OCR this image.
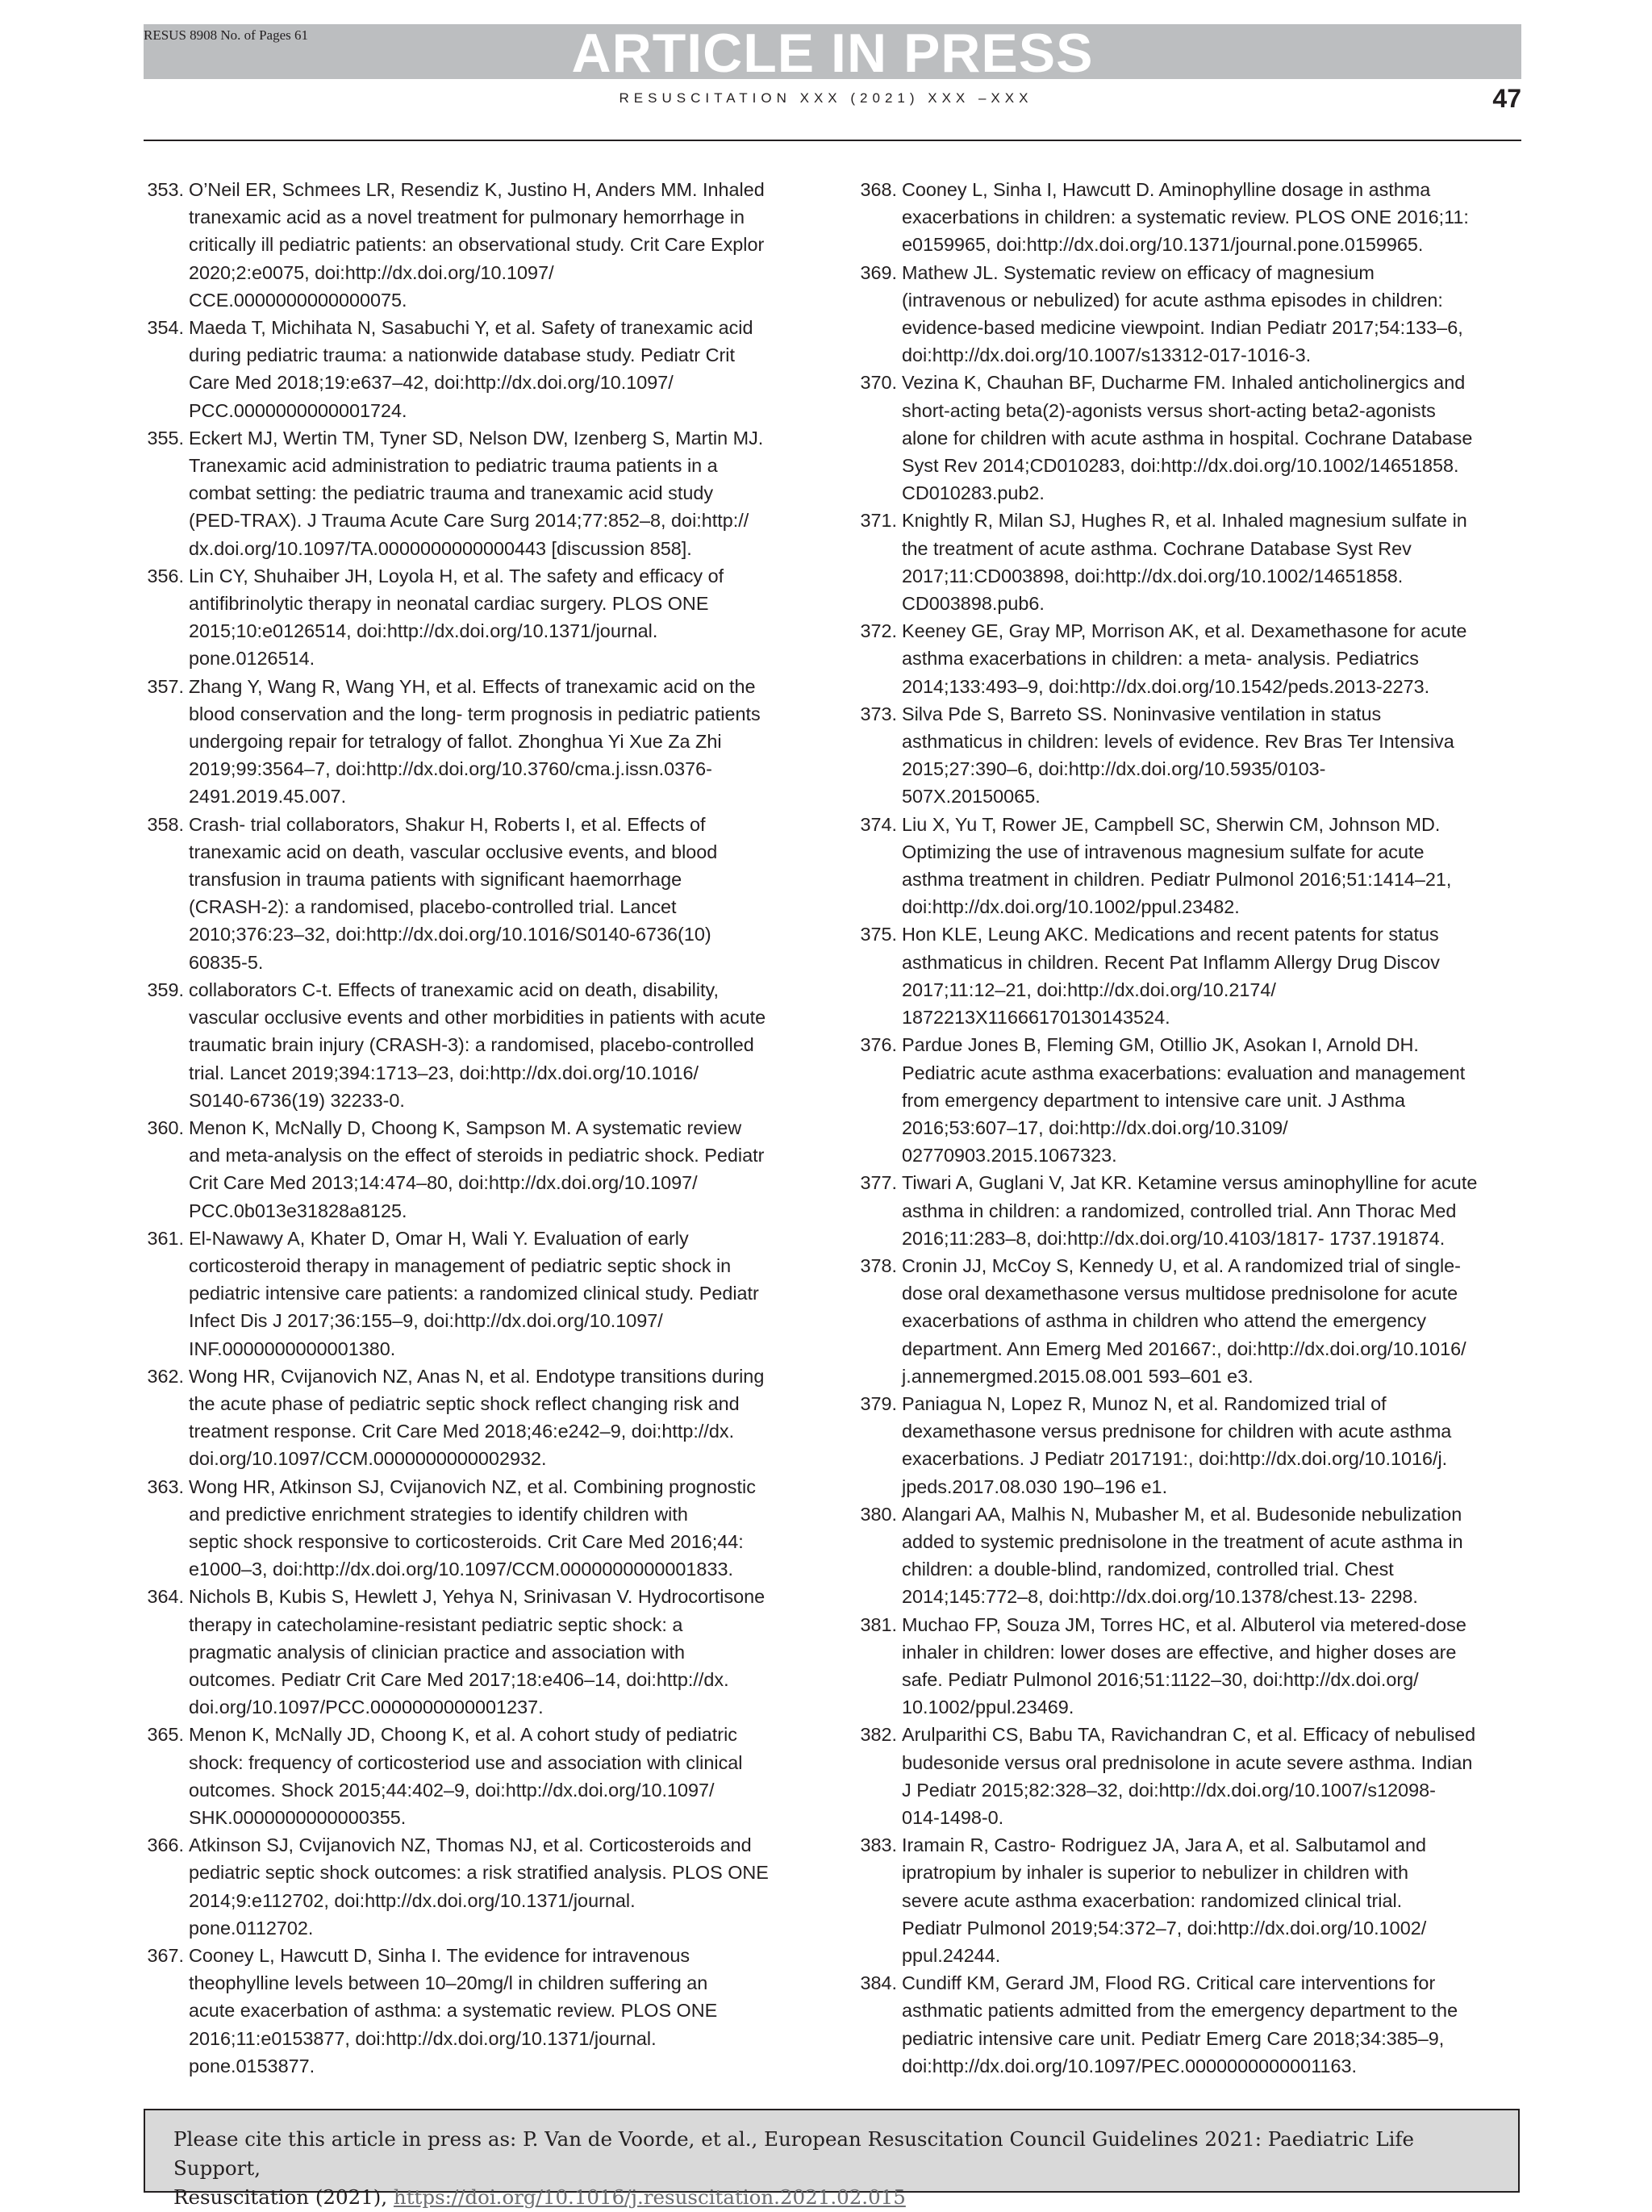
ARTICLE IN PRESS
RESUS 8908 No. of Pages 61
RESUSCITATION XXX (2021) XXX –XXX	47
353. O’Neil ER, Schmees LR, Resendiz K, Justino H, Anders MM. Inhaled
tranexamic acid as a novel treatment for pulmonary hemorrhage in
critically ill pediatric patients: an observational study. Crit Care Explor
2020;2:e0075, doi:http://dx.doi.org/10.1097/
CCE.0000000000000075.
354. Maeda T, Michihata N, Sasabuchi Y, et al. Safety of tranexamic acid
during pediatric trauma: a nationwide database study. Pediatr Crit
Care Med 2018;19:e637–42, doi:http://dx.doi.org/10.1097/
PCC.0000000000001724.
355. Eckert MJ, Wertin TM, Tyner SD, Nelson DW, Izenberg S, Martin MJ.
Tranexamic acid administration to pediatric trauma patients in a
combat setting: the pediatric trauma and tranexamic acid study
(PED-TRAX). J Trauma Acute Care Surg 2014;77:852–8, doi:http://
dx.doi.org/10.1097/TA.0000000000000443 [discussion 858].
356. Lin CY, Shuhaiber JH, Loyola H, et al. The safety and efficacy of
antifibrinolytic therapy in neonatal cardiac surgery. PLOS ONE
2015;10:e0126514, doi:http://dx.doi.org/10.1371/journal.
pone.0126514.
357. Zhang Y, Wang R, Wang YH, et al. Effects of tranexamic acid on the
blood conservation and the long- term prognosis in pediatric patients
undergoing repair for tetralogy of fallot. Zhonghua Yi Xue Za Zhi
2019;99:3564–7, doi:http://dx.doi.org/10.3760/cma.j.issn.0376-
2491.2019.45.007.
358. Crash- trial collaborators, Shakur H, Roberts I, et al. Effects of
tranexamic acid on death, vascular occlusive events, and blood
transfusion in trauma patients with significant haemorrhage
(CRASH-2): a randomised, placebo-controlled trial. Lancet
2010;376:23–32, doi:http://dx.doi.org/10.1016/S0140-6736(10)
60835-5.
359. collaborators C-t. Effects of tranexamic acid on death, disability,
vascular occlusive events and other morbidities in patients with acute
traumatic brain injury (CRASH-3): a randomised, placebo-controlled
trial. Lancet 2019;394:1713–23, doi:http://dx.doi.org/10.1016/
S0140-6736(19) 32233-0.
360. Menon K, McNally D, Choong K, Sampson M. A systematic review
and meta-analysis on the effect of steroids in pediatric shock. Pediatr
Crit Care Med 2013;14:474–80, doi:http://dx.doi.org/10.1097/
PCC.0b013e31828a8125.
361. El-Nawawy A, Khater D, Omar H, Wali Y. Evaluation of early
corticosteroid therapy in management of pediatric septic shock in
pediatric intensive care patients: a randomized clinical study. Pediatr
Infect Dis J 2017;36:155–9, doi:http://dx.doi.org/10.1097/
INF.0000000000001380.
362. Wong HR, Cvijanovich NZ, Anas N, et al. Endotype transitions during
the acute phase of pediatric septic shock reflect changing risk and
treatment response. Crit Care Med 2018;46:e242–9, doi:http://dx.
doi.org/10.1097/CCM.0000000000002932.
363. Wong HR, Atkinson SJ, Cvijanovich NZ, et al. Combining prognostic
and predictive enrichment strategies to identify children with
septic shock responsive to corticosteroids. Crit Care Med 2016;44:
e1000–3, doi:http://dx.doi.org/10.1097/CCM.0000000000001833.
364. Nichols B, Kubis S, Hewlett J, Yehya N, Srinivasan V. Hydrocortisone
therapy in catecholamine-resistant pediatric septic shock: a
pragmatic analysis of clinician practice and association with
outcomes. Pediatr Crit Care Med 2017;18:e406–14, doi:http://dx.
doi.org/10.1097/PCC.0000000000001237.
365. Menon K, McNally JD, Choong K, et al. A cohort study of pediatric
shock: frequency of corticosteriod use and association with clinical
outcomes. Shock 2015;44:402–9, doi:http://dx.doi.org/10.1097/
SHK.0000000000000355.
366. Atkinson SJ, Cvijanovich NZ, Thomas NJ, et al. Corticosteroids and
pediatric septic shock outcomes: a risk stratified analysis. PLOS ONE
2014;9:e112702, doi:http://dx.doi.org/10.1371/journal.
pone.0112702.
367. Cooney L, Hawcutt D, Sinha I. The evidence for intravenous
theophylline levels between 10–20mg/l in children suffering an
acute exacerbation of asthma: a systematic review. PLOS ONE
2016;11:e0153877, doi:http://dx.doi.org/10.1371/journal.
pone.0153877.
368. Cooney L, Sinha I, Hawcutt D. Aminophylline dosage in asthma
exacerbations in children: a systematic review. PLOS ONE 2016;11:
e0159965, doi:http://dx.doi.org/10.1371/journal.pone.0159965.
369. Mathew JL. Systematic review on efficacy of magnesium
(intravenous or nebulized) for acute asthma episodes in children:
evidence-based medicine viewpoint. Indian Pediatr 2017;54:133–6,
doi:http://dx.doi.org/10.1007/s13312-017-1016-3.
370. Vezina K, Chauhan BF, Ducharme FM. Inhaled anticholinergics and
short-acting beta(2)-agonists versus short-acting beta2-agonists
alone for children with acute asthma in hospital. Cochrane Database
Syst Rev 2014;CD010283, doi:http://dx.doi.org/10.1002/14651858.
CD010283.pub2.
371. Knightly R, Milan SJ, Hughes R, et al. Inhaled magnesium sulfate in
the treatment of acute asthma. Cochrane Database Syst Rev
2017;11:CD003898, doi:http://dx.doi.org/10.1002/14651858.
CD003898.pub6.
372. Keeney GE, Gray MP, Morrison AK, et al. Dexamethasone for acute
asthma exacerbations in children: a meta- analysis. Pediatrics
2014;133:493–9, doi:http://dx.doi.org/10.1542/peds.2013-2273.
373. Silva Pde S, Barreto SS. Noninvasive ventilation in status
asthmaticus in children: levels of evidence. Rev Bras Ter Intensiva
2015;27:390–6, doi:http://dx.doi.org/10.5935/0103-
507X.20150065.
374. Liu X, Yu T, Rower JE, Campbell SC, Sherwin CM, Johnson MD.
Optimizing the use of intravenous magnesium sulfate for acute
asthma treatment in children. Pediatr Pulmonol 2016;51:1414–21,
doi:http://dx.doi.org/10.1002/ppul.23482.
375. Hon KLE, Leung AKC. Medications and recent patents for status
asthmaticus in children. Recent Pat Inflamm Allergy Drug Discov
2017;11:12–21, doi:http://dx.doi.org/10.2174/
1872213X11666170130143524.
376. Pardue Jones B, Fleming GM, Otillio JK, Asokan I, Arnold DH.
Pediatric acute asthma exacerbations: evaluation and management
from emergency department to intensive care unit. J Asthma
2016;53:607–17, doi:http://dx.doi.org/10.3109/
02770903.2015.1067323.
377. Tiwari A, Guglani V, Jat KR. Ketamine versus aminophylline for acute
asthma in children: a randomized, controlled trial. Ann Thorac Med
2016;11:283–8, doi:http://dx.doi.org/10.4103/1817- 1737.191874.
378. Cronin JJ, McCoy S, Kennedy U, et al. A randomized trial of single-
dose oral dexamethasone versus multidose prednisolone for acute
exacerbations of asthma in children who attend the emergency
department. Ann Emerg Med 201667:, doi:http://dx.doi.org/10.1016/
j.annemergmed.2015.08.001 593–601 e3.
379. Paniagua N, Lopez R, Munoz N, et al. Randomized trial of
dexamethasone versus prednisone for children with acute asthma
exacerbations. J Pediatr 2017191:, doi:http://dx.doi.org/10.1016/j.
jpeds.2017.08.030 190–196 e1.
380. Alangari AA, Malhis N, Mubasher M, et al. Budesonide nebulization
added to systemic prednisolone in the treatment of acute asthma in
children: a double-blind, randomized, controlled trial. Chest
2014;145:772–8, doi:http://dx.doi.org/10.1378/chest.13- 2298.
381. Muchao FP, Souza JM, Torres HC, et al. Albuterol via metered-dose
inhaler in children: lower doses are effective, and higher doses are
safe. Pediatr Pulmonol 2016;51:1122–30, doi:http://dx.doi.org/
10.1002/ppul.23469.
382. Arulparithi CS, Babu TA, Ravichandran C, et al. Efficacy of nebulised
budesonide versus oral prednisolone in acute severe asthma. Indian
J Pediatr 2015;82:328–32, doi:http://dx.doi.org/10.1007/s12098-
014-1498-0.
383. Iramain R, Castro- Rodriguez JA, Jara A, et al. Salbutamol and
ipratropium by inhaler is superior to nebulizer in children with
severe acute asthma exacerbation: randomized clinical trial.
Pediatr Pulmonol 2019;54:372–7, doi:http://dx.doi.org/10.1002/
ppul.24244.
384. Cundiff KM, Gerard JM, Flood RG. Critical care interventions for
asthmatic patients admitted from the emergency department to the
pediatric intensive care unit. Pediatr Emerg Care 2018;34:385–9,
doi:http://dx.doi.org/10.1097/PEC.0000000000001163.
Please cite this article in press as: P. Van de Voorde, et al., European Resuscitation Council Guidelines 2021: Paediatric Life Support,
Resuscitation (2021), https://doi.org/10.1016/j.resuscitation.2021.02.015
